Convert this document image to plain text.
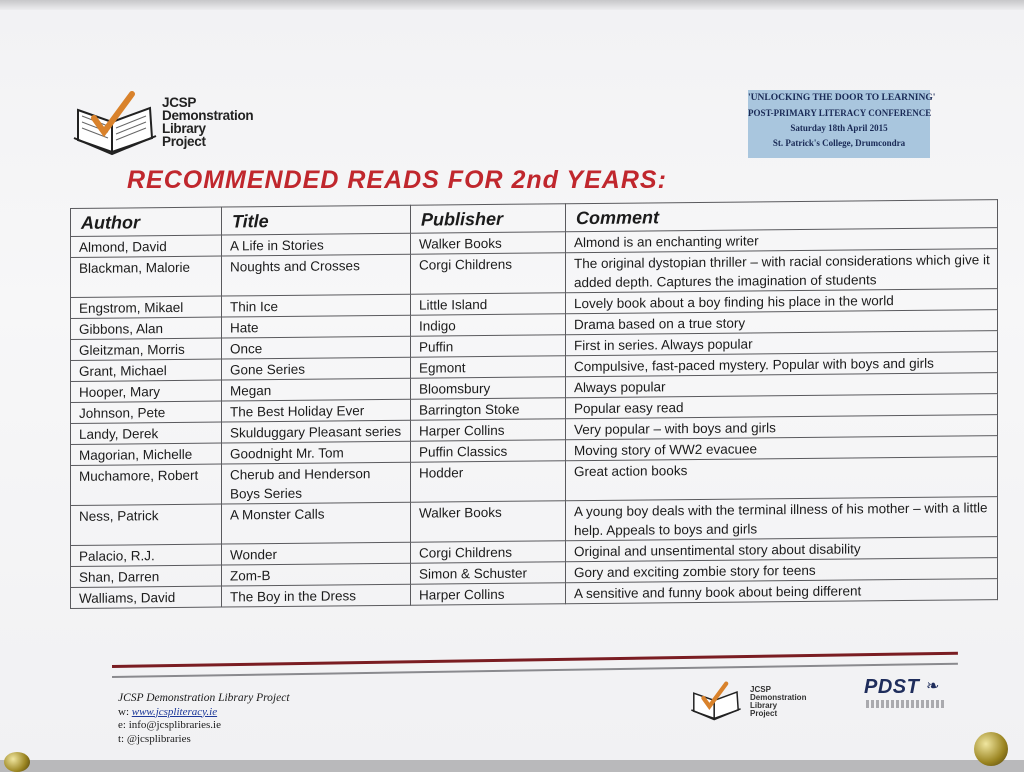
JCSP
Demonstration
Library
Project
'UNLOCKING THE DOOR TO LEARNING'
POST-PRIMARY LITERACY CONFERENCE
Saturday 18th April 2015
St. Patrick's College, Drumcondra
RECOMMENDED READS FOR 2nd YEARS:
Author	Title	Publisher	Comment
Almond, David	A Life in Stories	Walker Books	Almond is an enchanting writer
Blackman, Malorie	Noughts and Crosses	Corgi Childrens	The original dystopian thriller – with racial considerations which give it added depth. Captures the imagination of students
Engstrom, Mikael	Thin Ice	Little Island	Lovely book about a boy finding his place in the world
Gibbons, Alan	Hate	Indigo	Drama based on a true story
Gleitzman, Morris	Once	Puffin	First in series. Always popular
Grant, Michael	Gone Series	Egmont	Compulsive, fast-paced mystery. Popular with boys and girls
Hooper, Mary	Megan	Bloomsbury	Always popular
Johnson, Pete	The Best Holiday Ever	Barrington Stoke	Popular easy read
Landy, Derek	Skulduggary Pleasant series	Harper Collins	Very popular – with boys and girls
Magorian, Michelle	Goodnight Mr. Tom	Puffin Classics	Moving story of WW2 evacuee
Muchamore, Robert	Cherub and Henderson Boys Series	Hodder	Great action books
Ness, Patrick	A Monster Calls	Walker Books	A young boy deals with the terminal illness of his mother – with a little help. Appeals to boys and girls
Palacio, R.J.	Wonder	Corgi Childrens	Original and unsentimental story about disability
Shan, Darren	Zom-B	Simon & Schuster	Gory and exciting zombie story for teens
Walliams, David	The Boy in the Dress	Harper Collins	A sensitive and funny book about being different
JCSP Demonstration Library Project
w: www.jcspliteracy.ie
e: info@jcsplibraries.ie
t: @jcsplibraries
JCSP
Demonstration
Library
Project
PDST ❧
